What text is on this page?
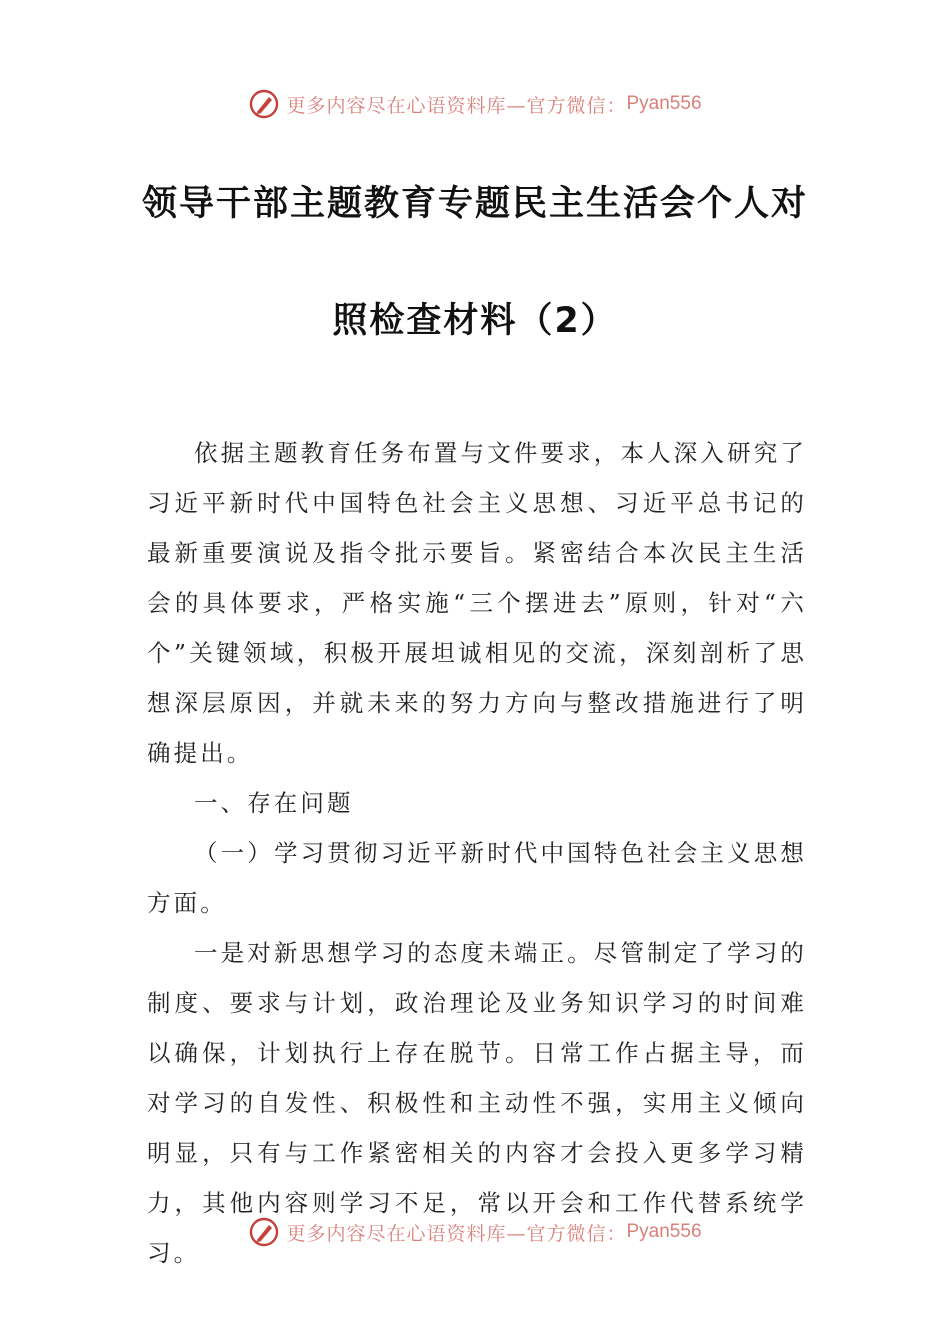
更多内容尽在心语资料库—官方微信： Pyan556
领导干部主题教育专题民主生活会个人对
照检查材料（2）

依据主题教育任务布置与文件要求，本人深入研究了习近平新时代中国特色社会主义思想、习近平总书记的最新重要演说及指令批示要旨。紧密结合本次民主生活会的具体要求，严格实施“三个摆进去”原则，针对“六个”关键领域，积极开展坦诚相见的交流，深刻剖析了思想深层原因，并就未来的努力方向与整改措施进行了明确提出。

一、存在问题

（一）学习贯彻习近平新时代中国特色社会主义思想方面。

一是对新思想学习的态度未端正。尽管制定了学习的制度、要求与计划，政治理论及业务知识学习的时间难以确保，计划执行上存在脱节。日常工作占据主导，而对学习的自发性、积极性和主动性不强，实用主义倾向明显，只有与工作紧密相关的内容才会投入更多学习精力，其他内容则学习不足，常以开会和工作代替系统学习。

更多内容尽在心语资料库—官方微信： Pyan556
